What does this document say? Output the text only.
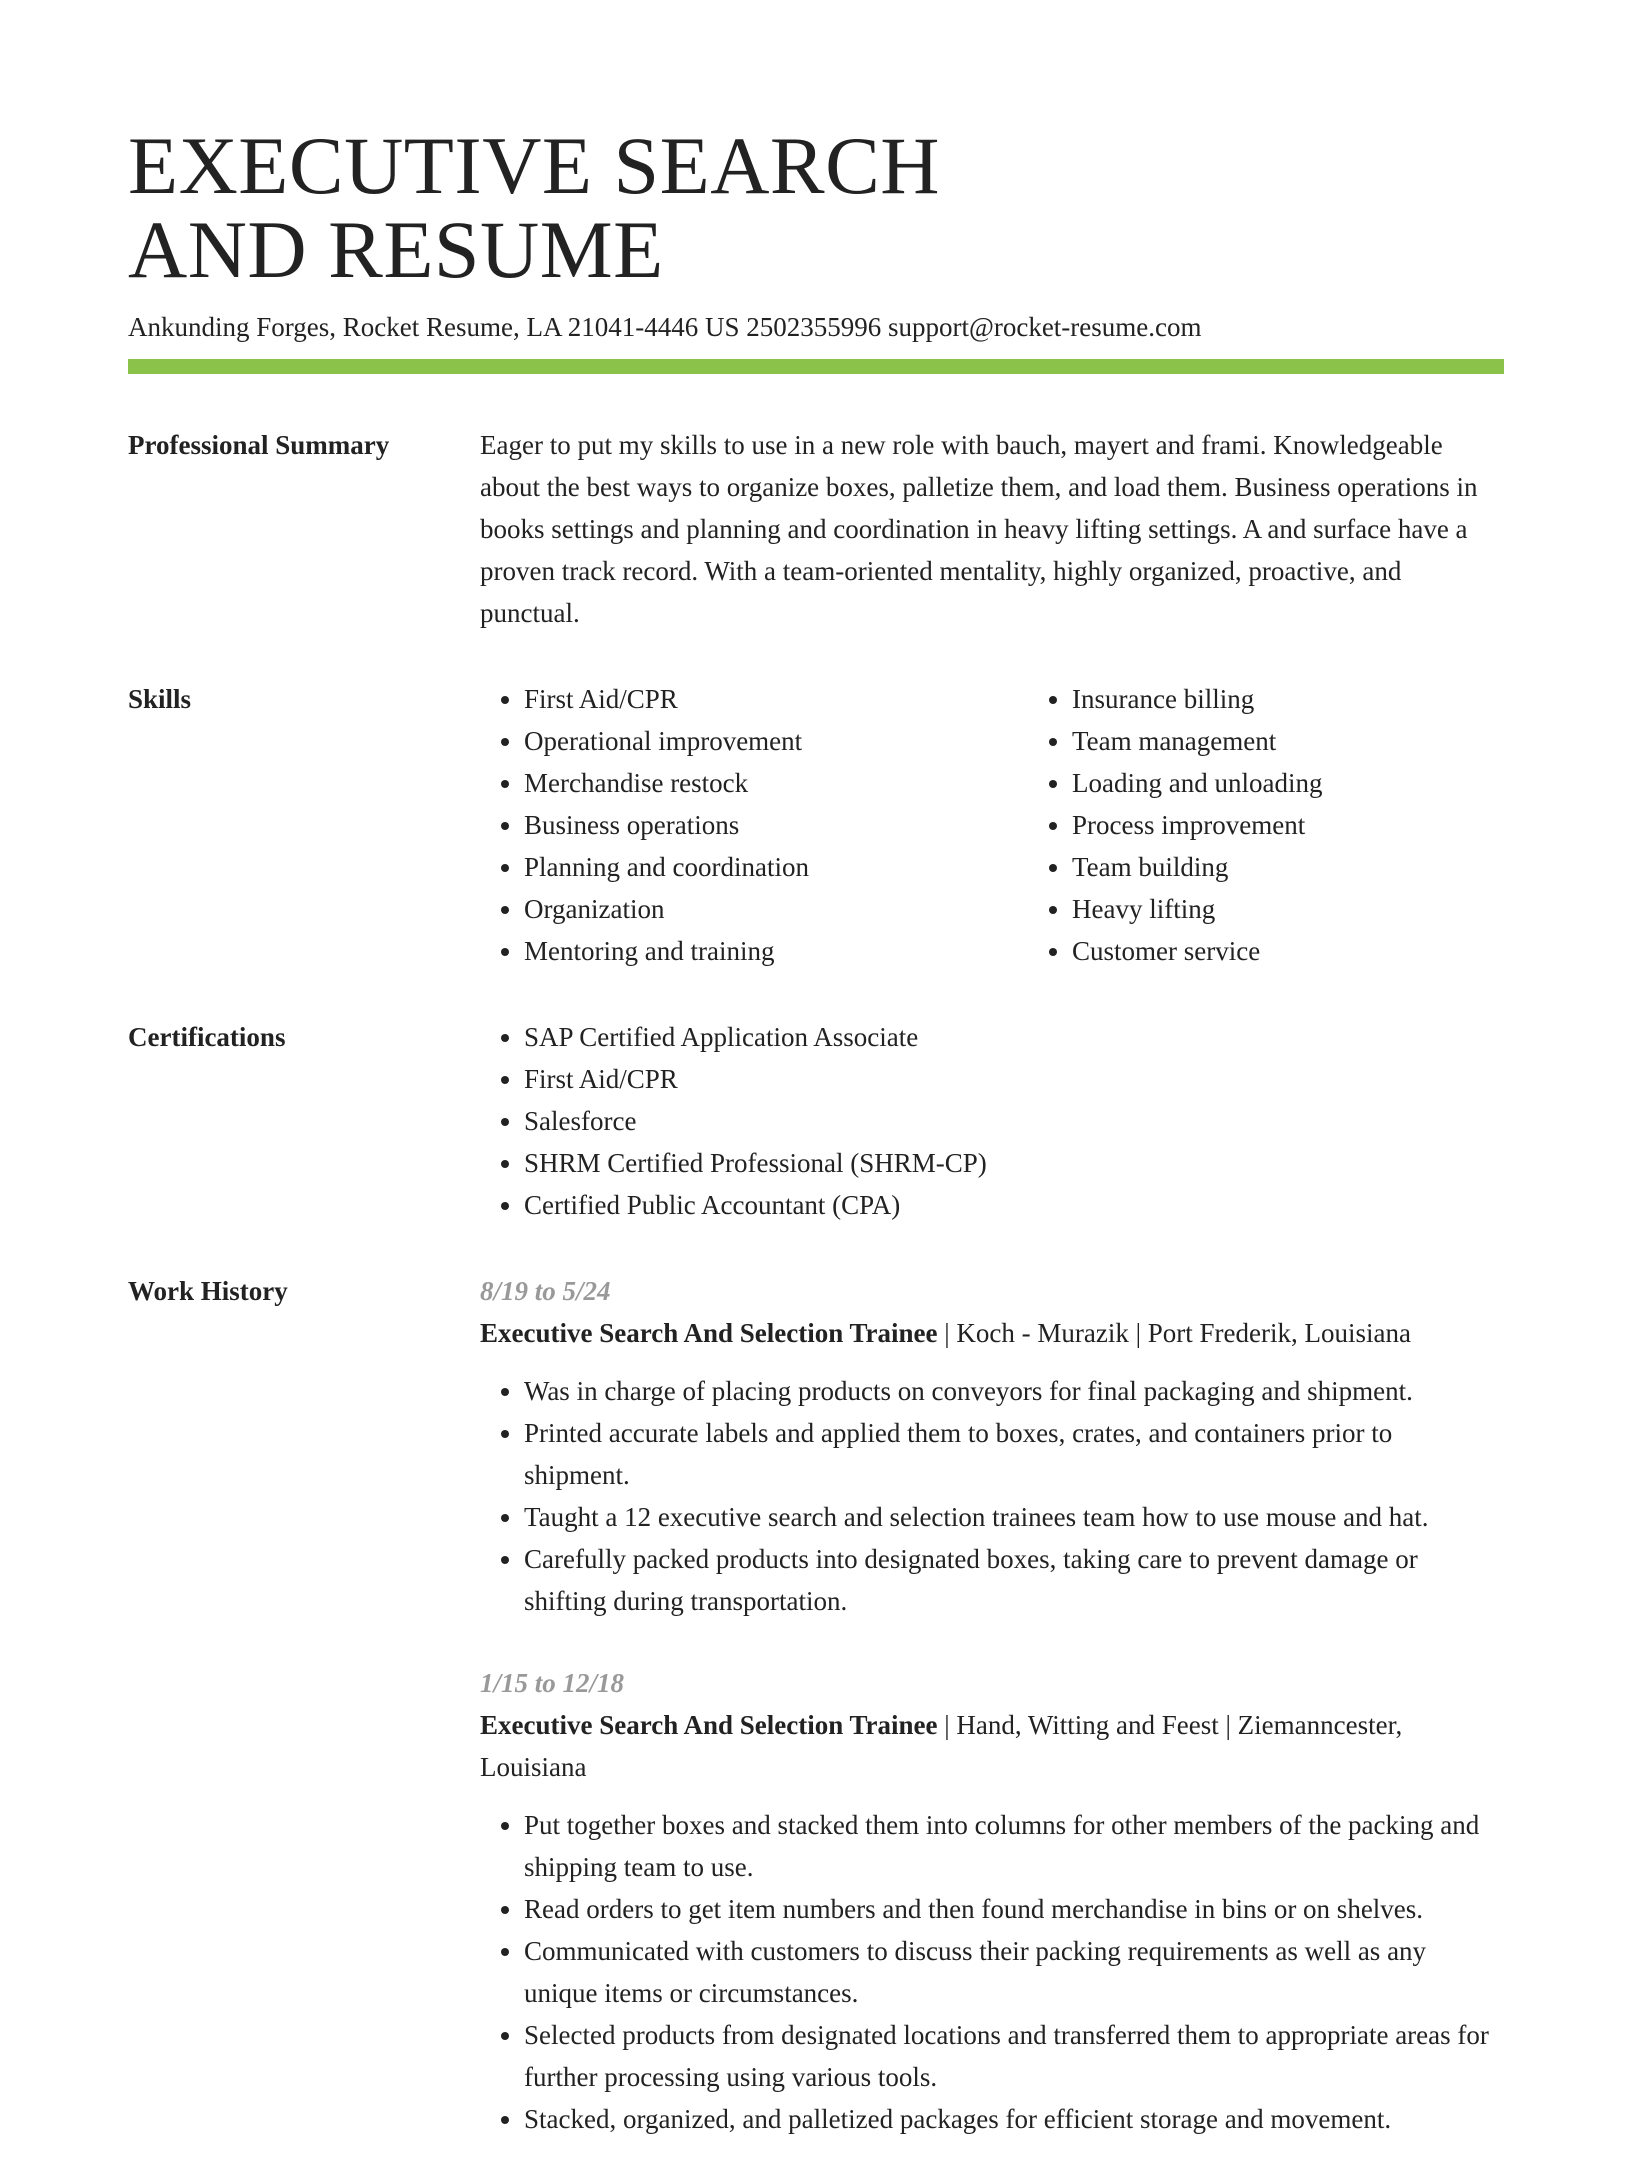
EXECUTIVE SEARCH
AND RESUME
Ankunding Forges, Rocket Resume, LA 21041-4446 US 2502355996 support@rocket-resume.com
Professional Summary	Eager to put my skills to use in a new role with bauch, mayert and frami. Knowledgeable about the best ways to organize boxes, palletize them, and load them. Business operations in books settings and planning and coordination in heavy lifting settings. A and surface have a proven track record. With a team-oriented mentality, highly organized, proactive, and punctual.

Skills	• First Aid/CPR
• Operational improvement
• Merchandise restock
• Business operations
• Planning and coordination
• Organization
• Mentoring and training
• Insurance billing
• Team management
• Loading and unloading
• Process improvement
• Team building
• Heavy lifting
• Customer service
Certifications	• SAP Certified Application Associate
• First Aid/CPR
• Salesforce
• SHRM Certified Professional (SHRM-CP)
• Certified Public Accountant (CPA)
Work History	8/19 to 5/24
Executive Search And Selection Trainee | Koch - Murazik | Port Frederik, Louisiana
• Was in charge of placing products on conveyors for final packaging and shipment.
• Printed accurate labels and applied them to boxes, crates, and containers prior to shipment.
• Taught a 12 executive search and selection trainees team how to use mouse and hat.
• Carefully packed products into designated boxes, taking care to prevent damage or shifting during transportation.
1/15 to 12/18
Executive Search And Selection Trainee | Hand, Witting and Feest | Ziemanncester, Louisiana
• Put together boxes and stacked them into columns for other members of the packing and shipping team to use.
• Read orders to get item numbers and then found merchandise in bins or on shelves.
• Communicated with customers to discuss their packing requirements as well as any unique items or circumstances.
• Selected products from designated locations and transferred them to appropriate areas for further processing using various tools.
• Stacked, organized, and palletized packages for efficient storage and movement.
